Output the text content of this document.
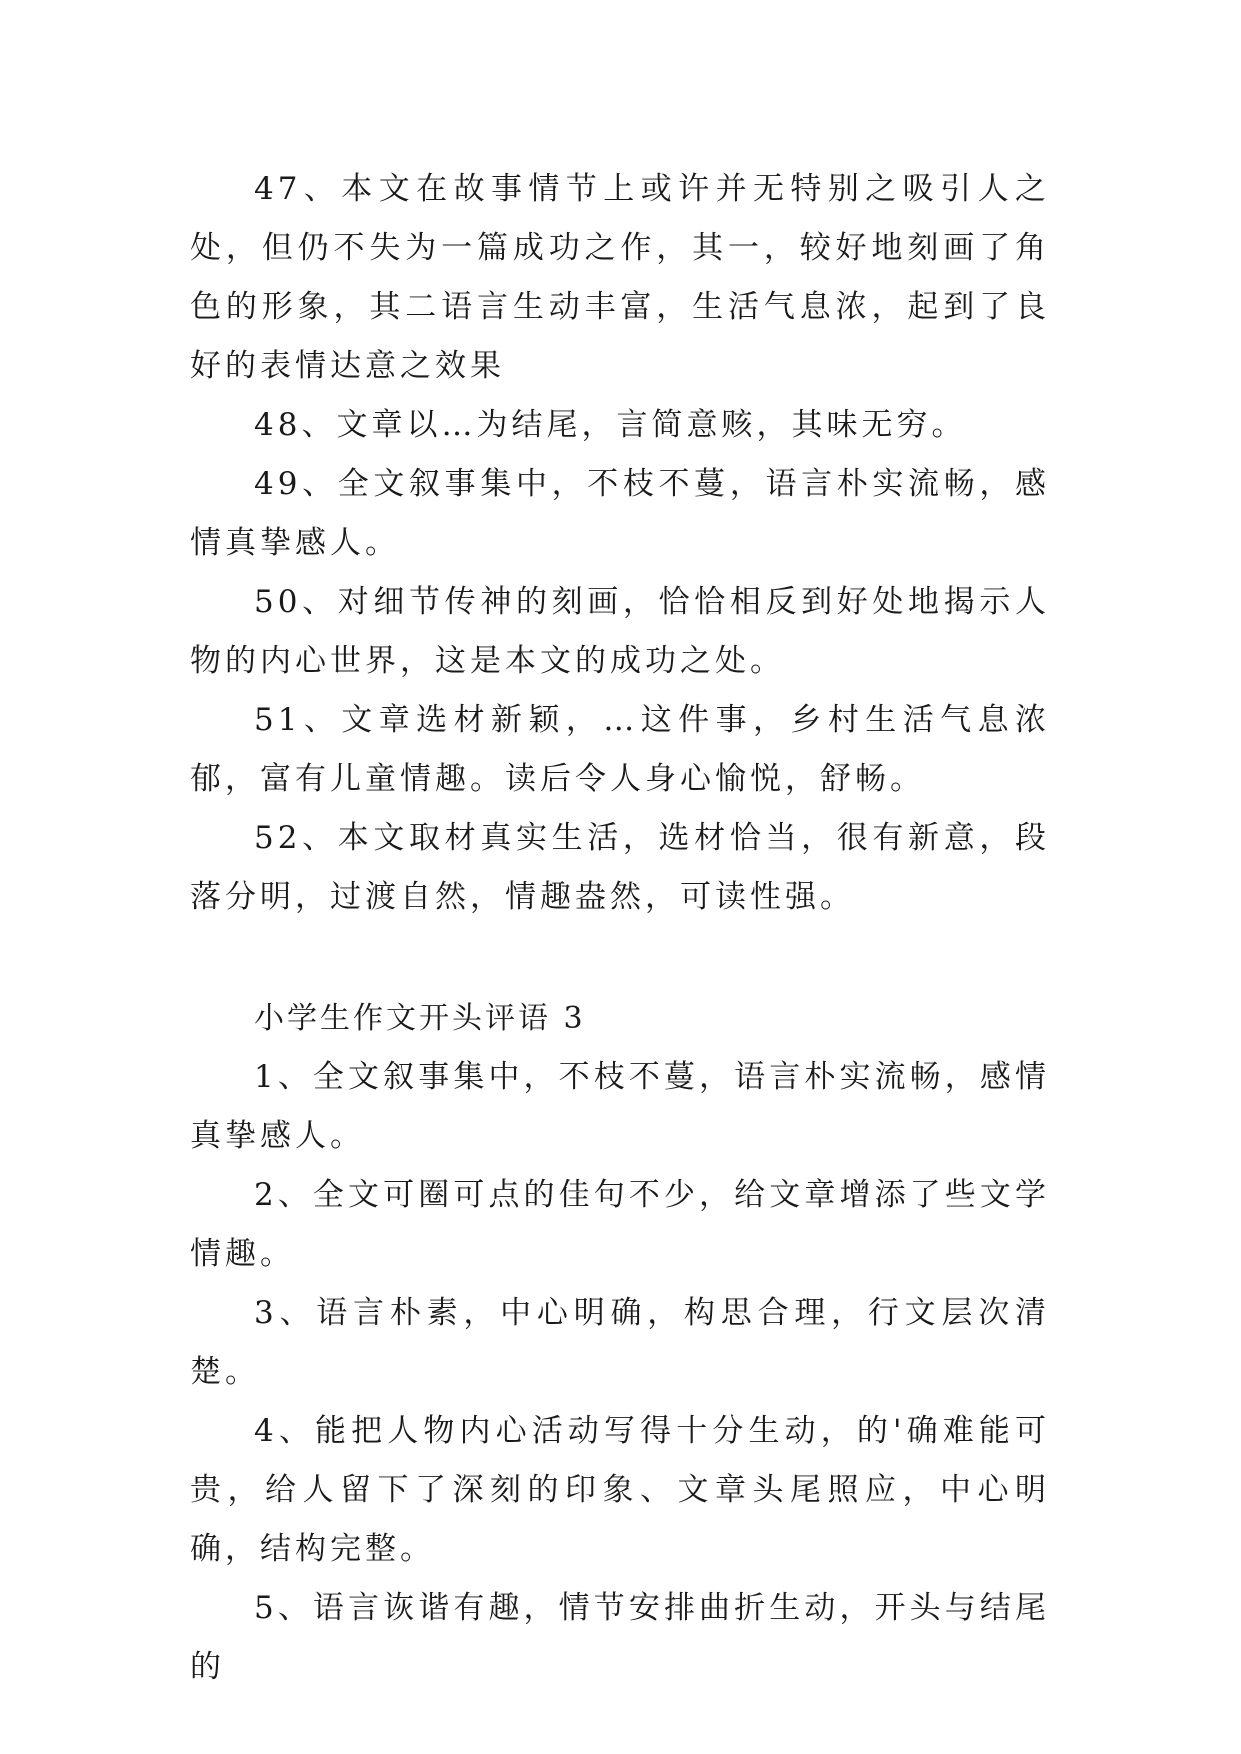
47、本文在故事情节上或许并无特别之吸引人之处，但仍不失为一篇成功之作，其一，较好地刻画了角色的形象，其二语言生动丰富，生活气息浓，起到了良好的表情达意之效果

48、文章以…为结尾，言简意赅，其味无穷。

49、全文叙事集中，不枝不蔓，语言朴实流畅，感情真挚感人。

50、对细节传神的刻画，恰恰相反到好处地揭示人物的内心世界，这是本文的成功之处。

51、文章选材新颖，…这件事，乡村生活气息浓郁，富有儿童情趣。读后令人身心愉悦，舒畅。

52、本文取材真实生活，选材恰当，很有新意，段落分明，过渡自然，情趣盎然，可读性强。

小学生作文开头评语 3

1、全文叙事集中，不枝不蔓，语言朴实流畅，感情真挚感人。

2、全文可圈可点的佳句不少，给文章增添了些文学情趣。

3、语言朴素，中心明确，构思合理，行文层次清楚。

4、能把人物内心活动写得十分生动，的'确难能可贵，给人留下了深刻的印象、文章头尾照应，中心明确，结构完整。

5、语言诙谐有趣，情节安排曲折生动，开头与结尾的
